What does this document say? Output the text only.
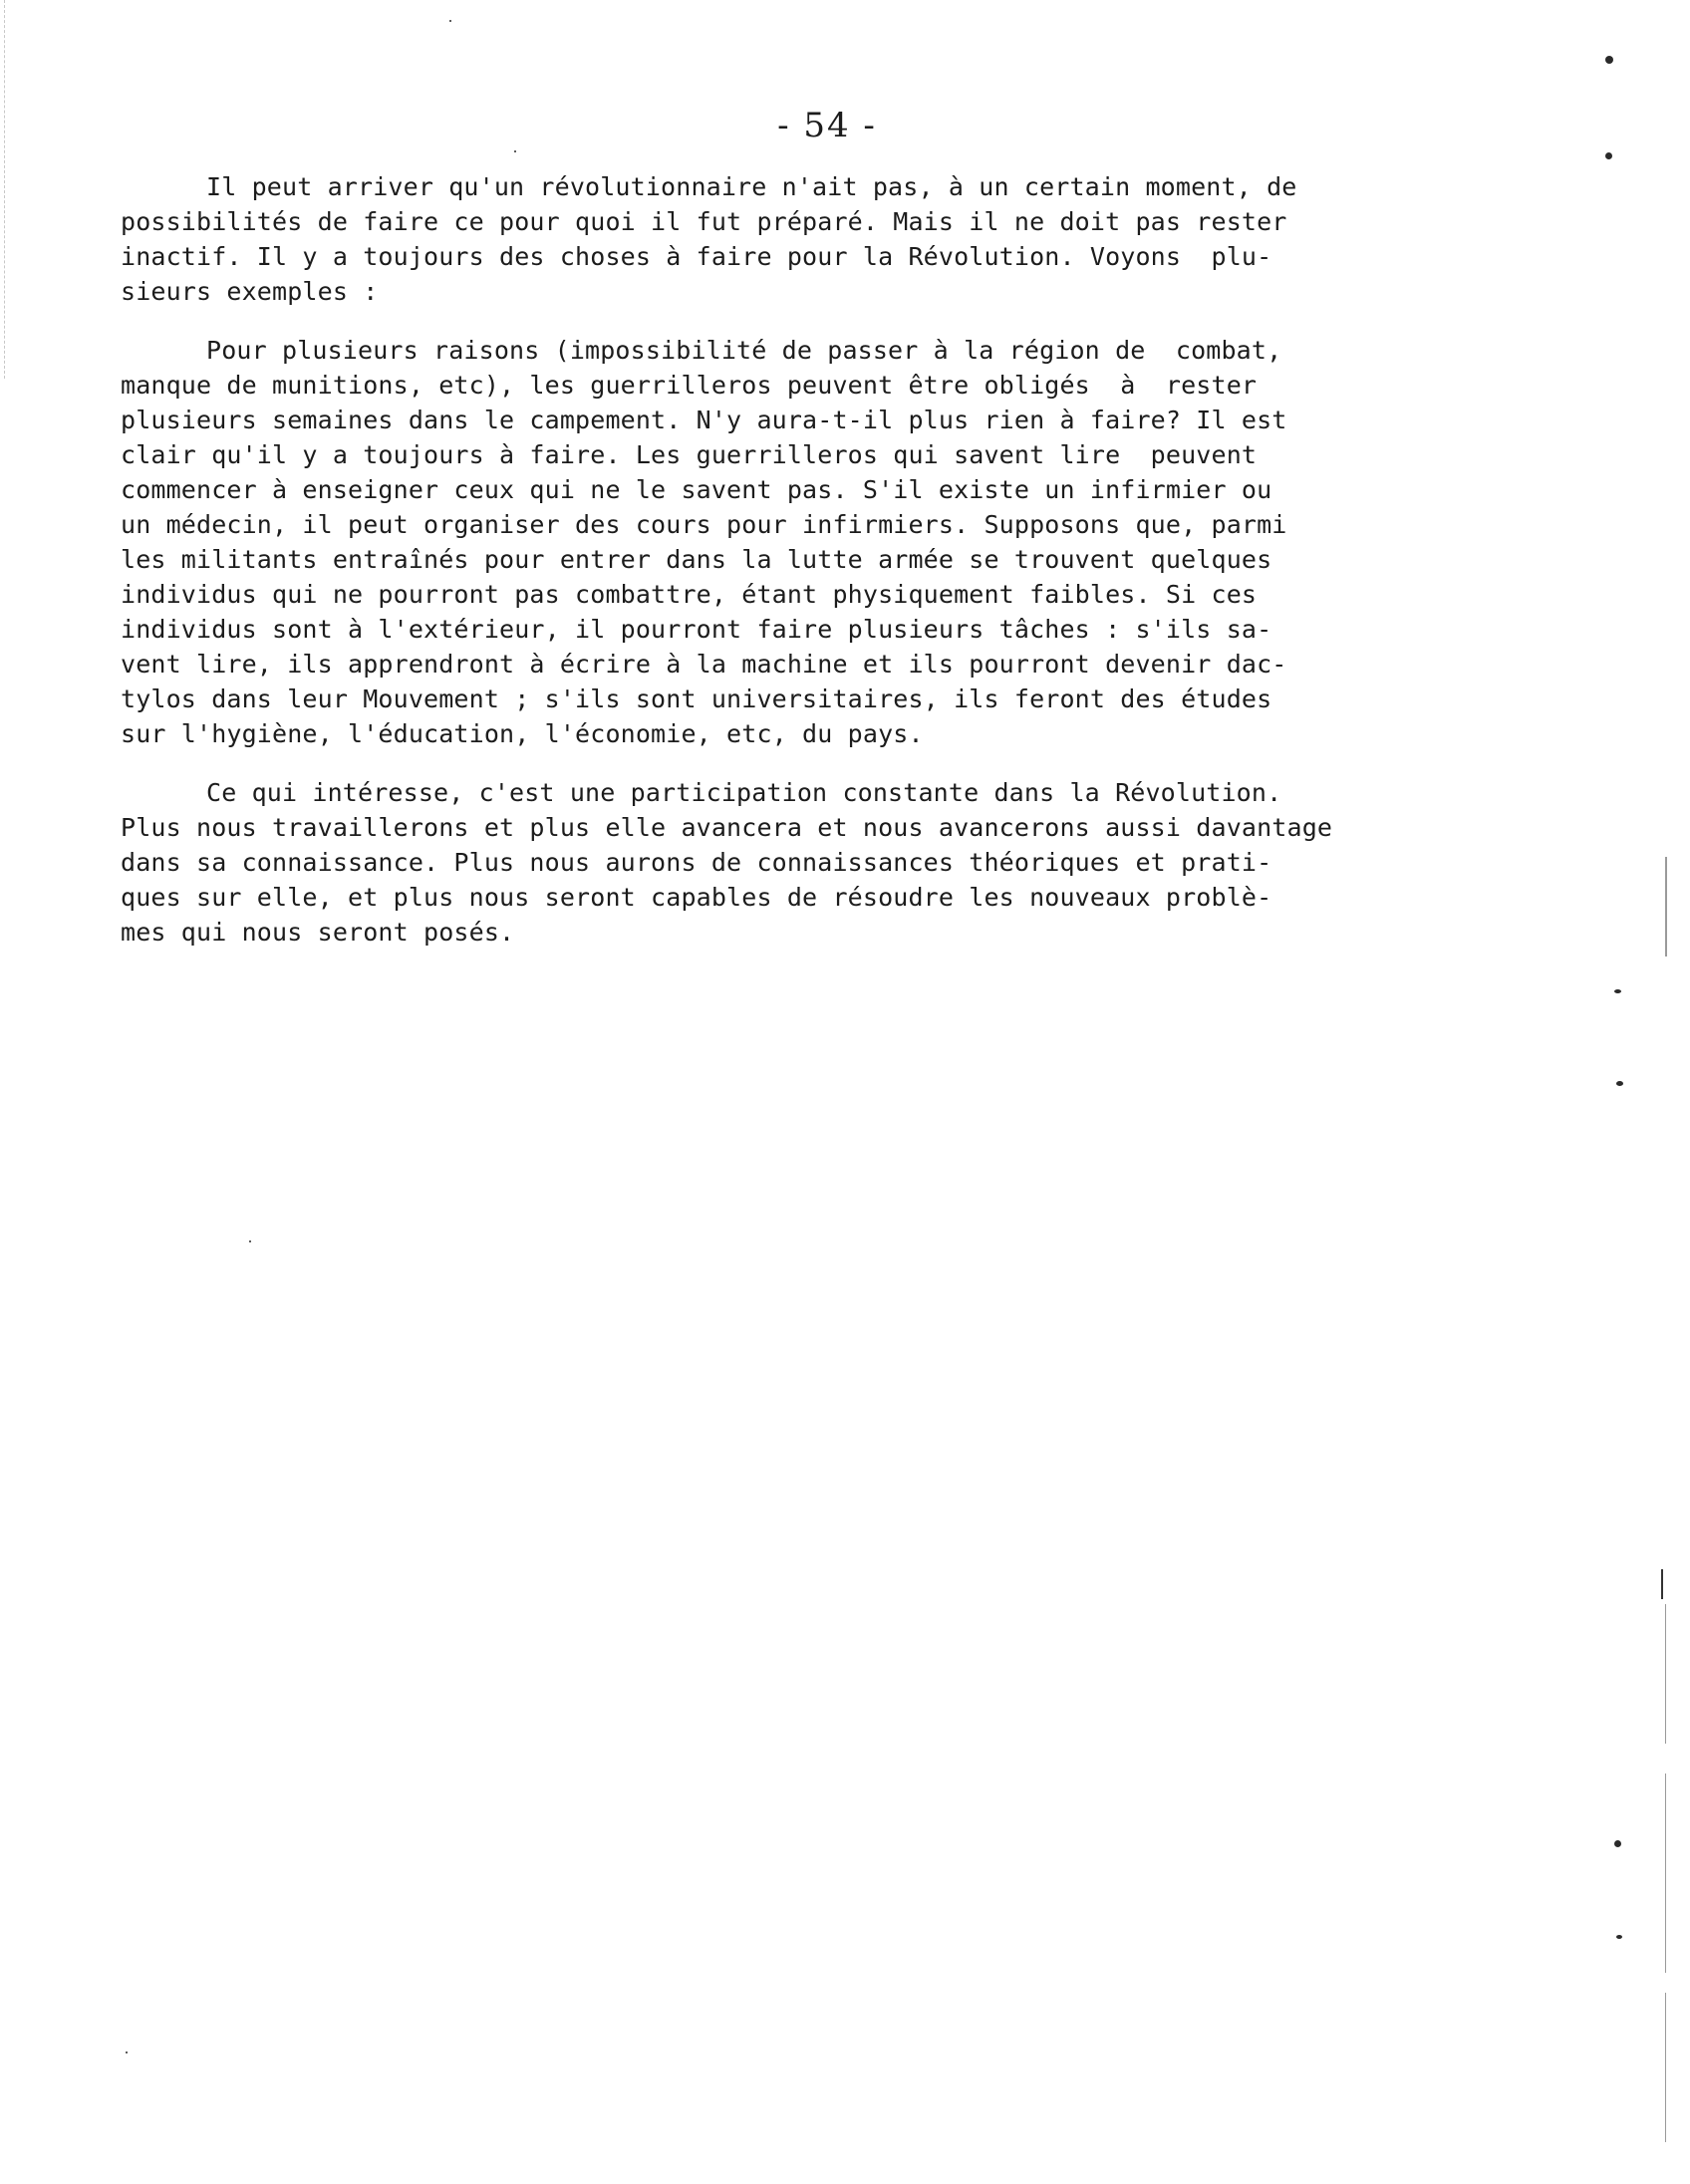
- 54 -
Il peut arriver qu'un révolutionnaire n'ait pas, à un certain moment, de
possibilités de faire ce pour quoi il fut préparé. Mais il ne doit pas rester
inactif. Il y a toujours des choses à faire pour la Révolution. Voyons  plu-
sieurs exemples :
Pour plusieurs raisons (impossibilité de passer à la région de  combat,
manque de munitions, etc), les guerrilleros peuvent être obligés  à  rester
plusieurs semaines dans le campement. N'y aura-t-il plus rien à faire? Il est
clair qu'il y a toujours à faire. Les guerrilleros qui savent lire  peuvent
commencer à enseigner ceux qui ne le savent pas. S'il existe un infirmier ou
un médecin, il peut organiser des cours pour infirmiers. Supposons que, parmi
les militants entraînés pour entrer dans la lutte armée se trouvent quelques
individus qui ne pourront pas combattre, étant physiquement faibles. Si ces
individus sont à l'extérieur, il pourront faire plusieurs tâches : s'ils sa-
vent lire, ils apprendront à écrire à la machine et ils pourront devenir dac-
tylos dans leur Mouvement ; s'ils sont universitaires, ils feront des études
sur l'hygiène, l'éducation, l'économie, etc, du pays.
Ce qui intéresse, c'est une participation constante dans la Révolution.
Plus nous travaillerons et plus elle avancera et nous avancerons aussi davantage
dans sa connaissance. Plus nous aurons de connaissances théoriques et prati-
ques sur elle, et plus nous seront capables de résoudre les nouveaux problè-
mes qui nous seront posés.
